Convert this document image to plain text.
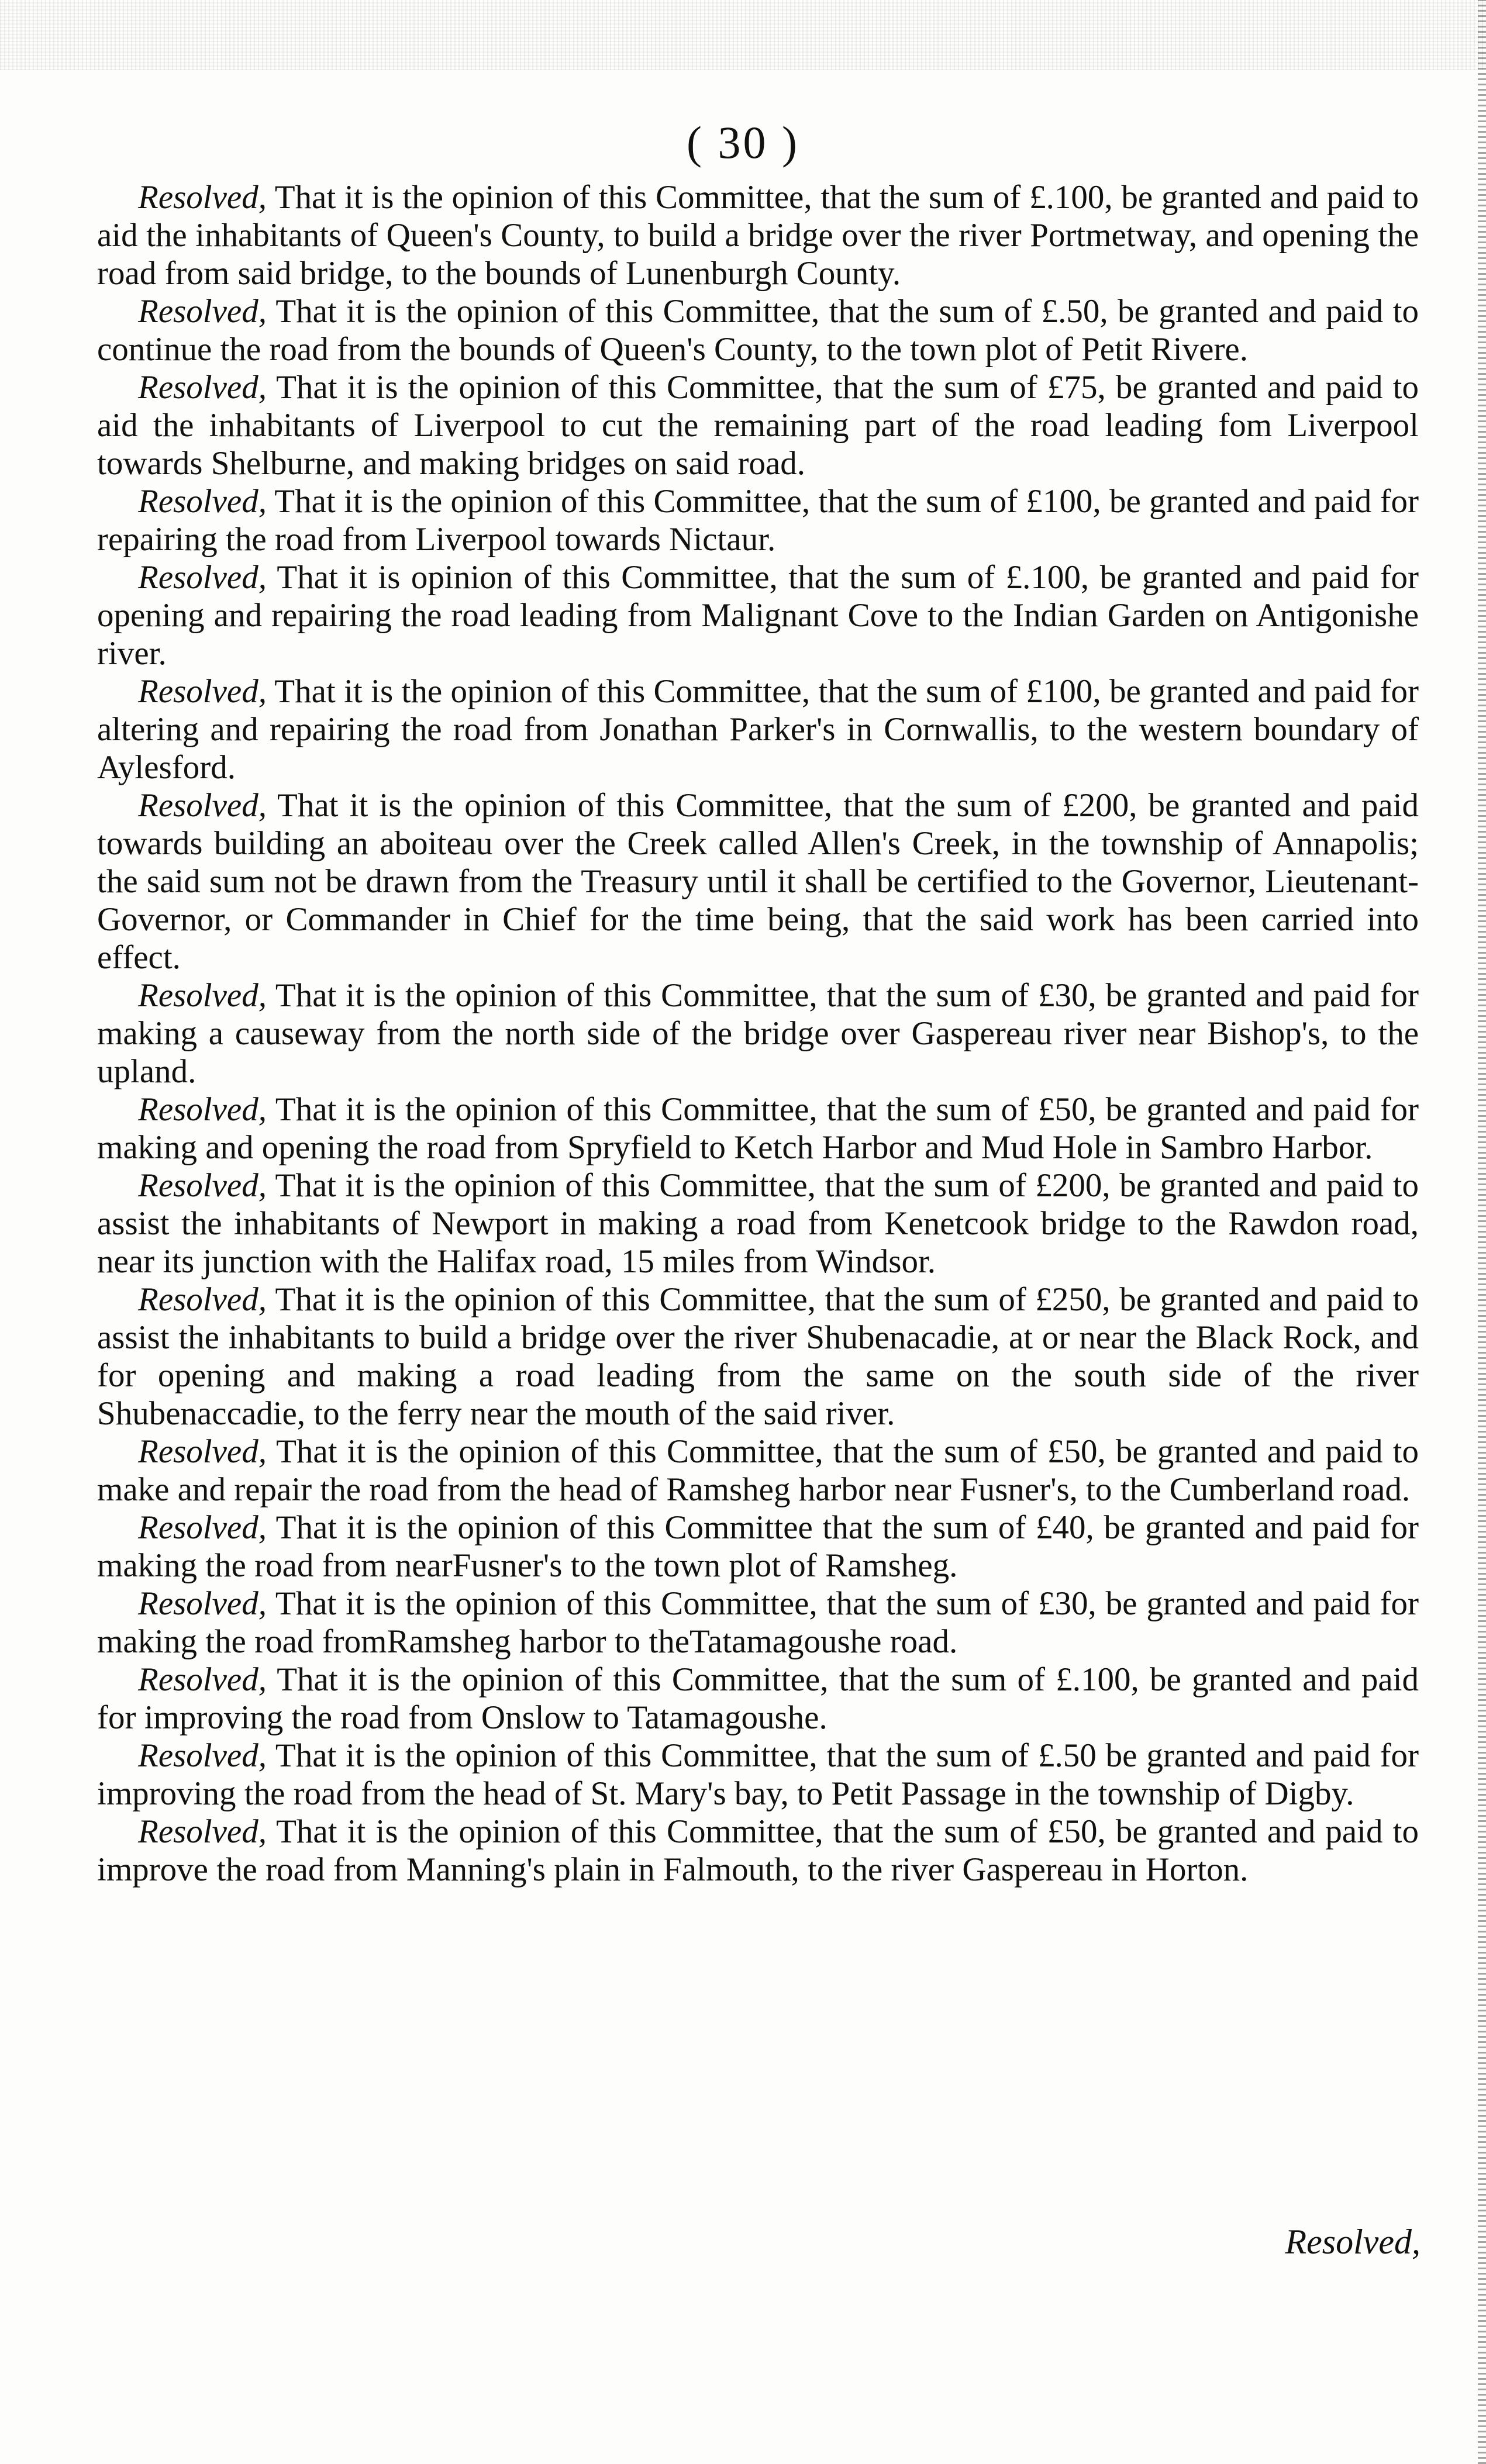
( 30 )

Resolved, That it is the opinion of this Committee, that the sum of £.100, be granted and paid to aid the inhabitants of Queen's County, to build a bridge over the river Portmetway, and opening the road from said bridge, to the bounds of Lunenburgh County.

Resolved, That it is the opinion of this Committee, that the sum of £.50, be granted and paid to continue the road from the bounds of Queen's County, to the town plot of Petit Rivere.

Resolved, That it is the opinion of this Committee, that the sum of £75, be granted and paid to aid the inhabitants of Liverpool to cut the remaining part of the road leading fom Liverpool towards Shelburne, and making bridges on said road.

Resolved, That it is the opinion of this Committee, that the sum of £100, be granted and paid for repairing the road from Liverpool towards Nictaur.

Resolved, That it is opinion of this Committee, that the sum of £.100, be granted and paid for opening and repairing the road leading from Malignant Cove to the Indian Garden on Antigonishe river.

Resolved, That it is the opinion of this Committee, that the sum of £100, be granted and paid for altering and repairing the road from Jonathan Parker's in Cornwallis, to the western boundary of Aylesford.

Resolved, That it is the opinion of this Committee, that the sum of £200, be granted and paid towards building an aboiteau over the Creek called Allen's Creek, in the township of Annapolis; the said sum not be drawn from the Treasury until it shall be certified to the Governor, Lieutenant-Governor, or Commander in Chief for the time being, that the said work has been carried into effect.

Resolved, That it is the opinion of this Committee, that the sum of £30, be granted and paid for making a causeway from the north side of the bridge over Gaspereau river near Bishop's, to the upland.

Resolved, That it is the opinion of this Committee, that the sum of £50, be granted and paid for making and opening the road from Spryfield to Ketch Harbor and Mud Hole in Sambro Harbor.

Resolved, That it is the opinion of this Committee, that the sum of £200, be granted and paid to assist the inhabitants of Newport in making a road from Kenetcook bridge to the Rawdon road, near its junction with the Halifax road, 15 miles from Windsor.

Resolved, That it is the opinion of this Committee, that the sum of £250, be granted and paid to assist the inhabitants to build a bridge over the river Shubenacadie, at or near the Black Rock, and for opening and making a road leading from the same on the south side of the river Shubenaccadie, to the ferry near the mouth of the said river.

Resolved, That it is the opinion of this Committee, that the sum of £50, be granted and paid to make and repair the road from the head of Ramsheg harbor near Fusner's, to the Cumberland road.

Resolved, That it is the opinion of this Committee that the sum of £40, be granted and paid for making the road from nearFusner's to the town plot of Ramsheg.

Resolved, That it is the opinion of this Committee, that the sum of £30, be granted and paid for making the road fromRamsheg harbor to theTatamagoushe road.

Resolved, That it is the opinion of this Committee, that the sum of £.100, be granted and paid for improving the road from Onslow to Tatamagoushe.

Resolved, That it is the opinion of this Committee, that the sum of £.50 be granted and paid for improving the road from the head of St. Mary's bay, to Petit Passage in the township of Digby.

Resolved, That it is the opinion of this Committee, that the sum of £50, be granted and paid to improve the road from Manning's plain in Falmouth, to the river Gaspereau in Horton.

Resolved,
